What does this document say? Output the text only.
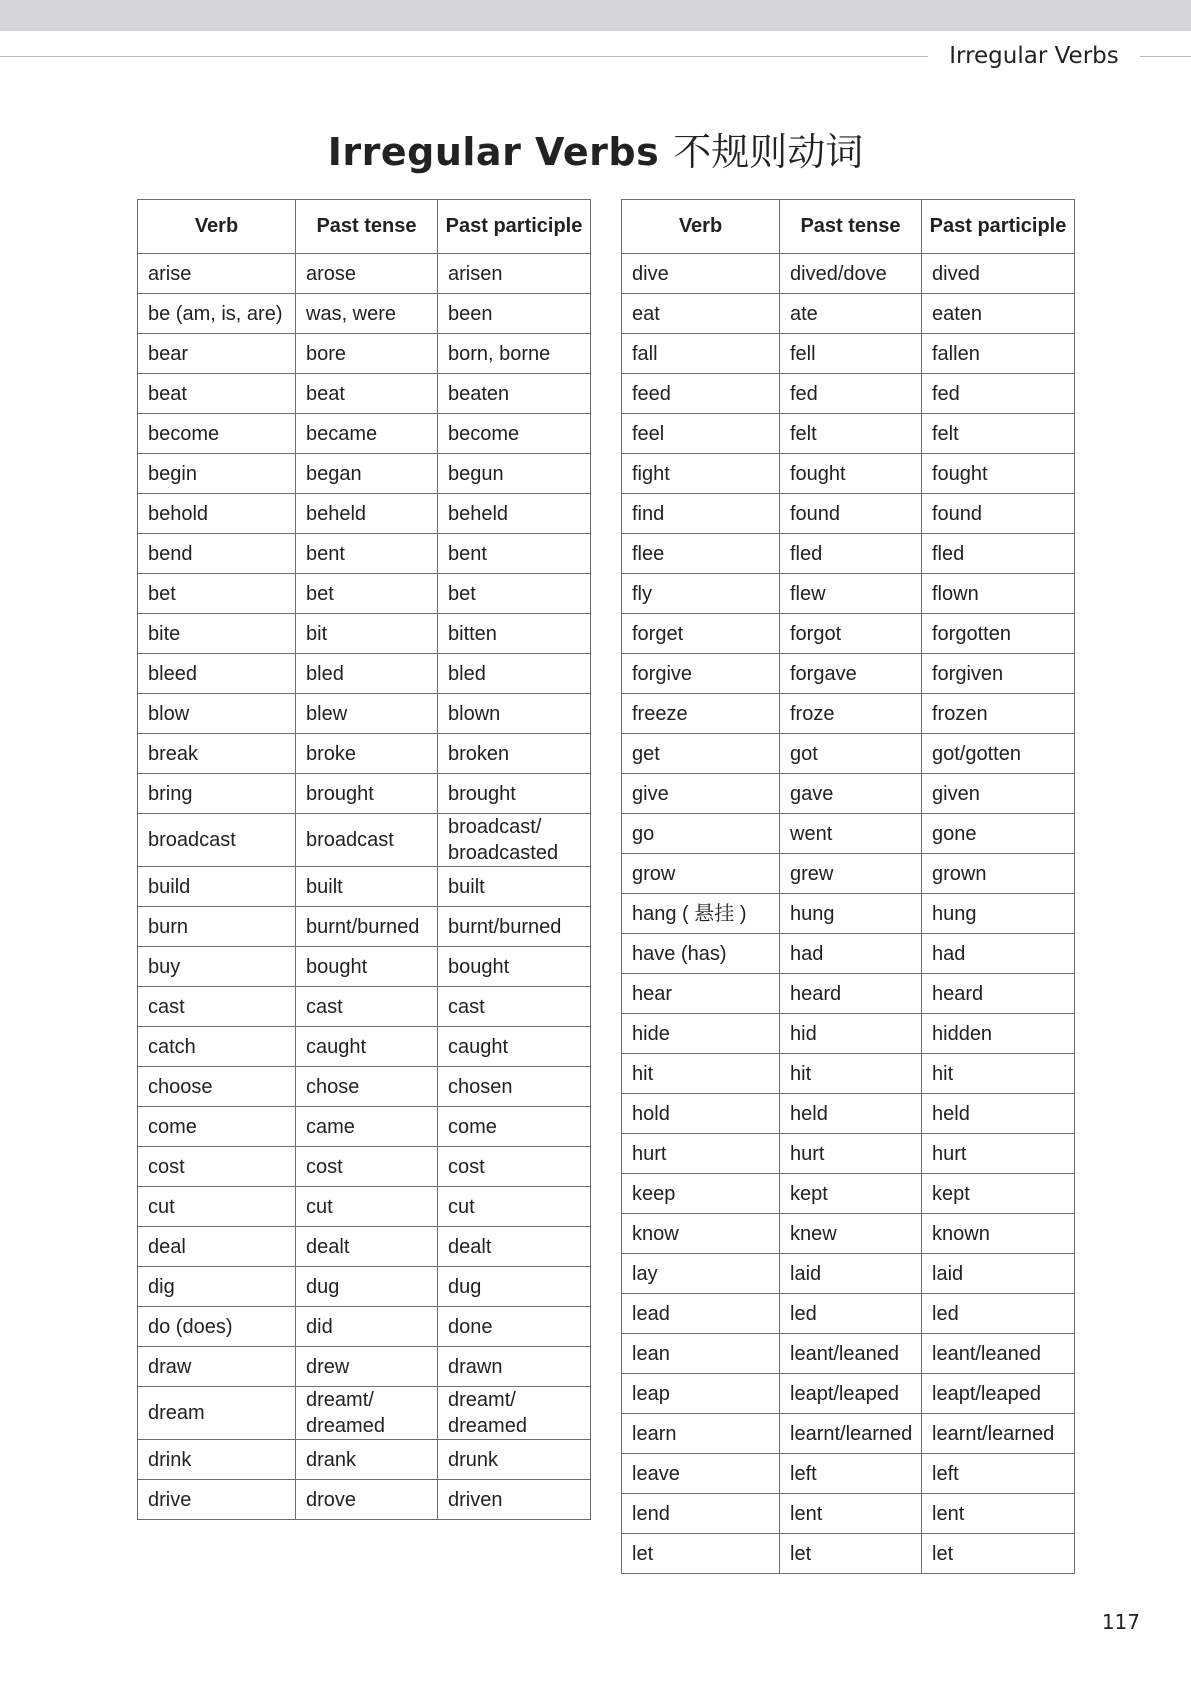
Irregular Verbs
Irregular Verbs 不规则动词
Verb	Past tense	Past participle
arise	arose	arisen
be (am, is, are)	was, were	been
bear	bore	born, borne
beat	beat	beaten
become	became	become
begin	began	begun
behold	beheld	beheld
bend	bent	bent
bet	bet	bet
bite	bit	bitten
bleed	bled	bled
blow	blew	blown
break	broke	broken
bring	brought	brought
broadcast	broadcast	broadcast/ broadcasted
build	built	built
burn	burnt/burned	burnt/burned
buy	bought	bought
cast	cast	cast
catch	caught	caught
choose	chose	chosen
come	came	come
cost	cost	cost
cut	cut	cut
deal	dealt	dealt
dig	dug	dug
do (does)	did	done
draw	drew	drawn
dream	dreamt/ dreamed	dreamt/ dreamed
drink	drank	drunk
drive	drove	driven
Verb	Past tense	Past participle
dive	dived/dove	dived
eat	ate	eaten
fall	fell	fallen
feed	fed	fed
feel	felt	felt
fight	fought	fought
find	found	found
flee	fled	fled
fly	flew	flown
forget	forgot	forgotten
forgive	forgave	forgiven
freeze	froze	frozen
get	got	got/gotten
give	gave	given
go	went	gone
grow	grew	grown
hang ( 悬挂 )	hung	hung
have (has)	had	had
hear	heard	heard
hide	hid	hidden
hit	hit	hit
hold	held	held
hurt	hurt	hurt
keep	kept	kept
know	knew	known
lay	laid	laid
lead	led	led
lean	leant/leaned	leant/leaned
leap	leapt/leaped	leapt/leaped
learn	learnt/learned	learnt/learned
leave	left	left
lend	lent	lent
let	let	let
117
